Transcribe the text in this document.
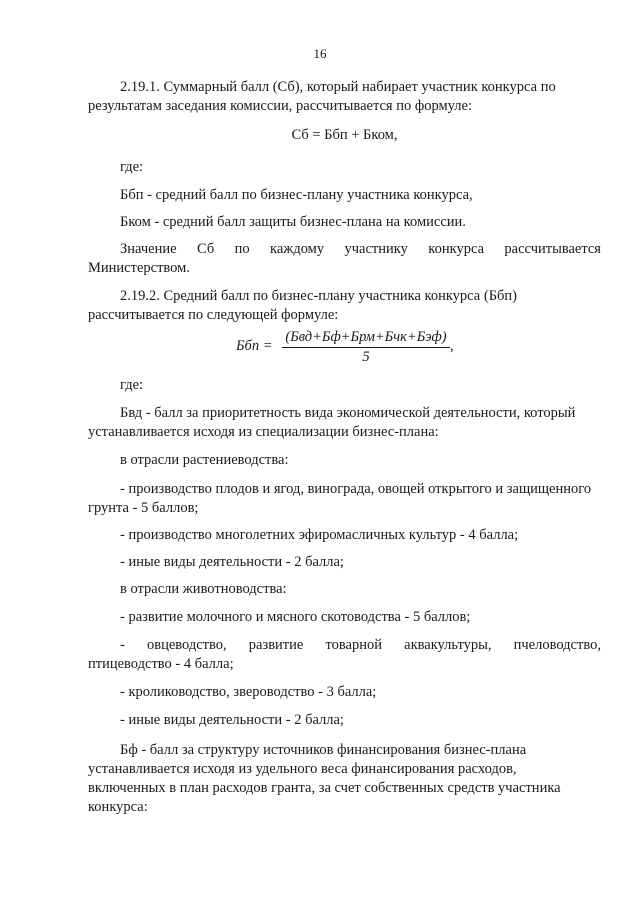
16

2.19.1. Суммарный балл (Сб), который набирает участник конкурса по
результатам заседания комиссии, рассчитывается по формуле:

Сб = Ббп + Бком,

где:

Ббп - средний балл по бизнес-плану участника конкурса,

Бком - средний балл защиты бизнес-плана на комиссии.

Значение Сб по каждому участнику конкурса рассчитывается

Министерством.

2.19.2. Средний балл по бизнес-плану участника конкурса (Ббп)

рассчитывается по следующей формуле:

Ббп =
(Бвд+Бф+Брм+Бчк+Бэф)
5
,

где:

Бвд - балл за приоритетность вида экономической деятельности, который

устанавливается исходя из специализации бизнес-плана:

в отрасли растениеводства:

- производство плодов и ягод, винограда, овощей открытого и защищенного

грунта - 5 баллов;

- производство многолетних эфиромасличных культур - 4 балла;

- иные виды деятельности - 2 балла;

в отрасли животноводства:

- развитие молочного и мясного скотоводства - 5 баллов;

- овцеводство, развитие товарной аквакультуры, пчеловодство,

птицеводство - 4 балла;

- кролиководство, звероводство - 3 балла;

- иные виды деятельности - 2 балла;

Бф - балл за структуру источников финансирования бизнес-плана

устанавливается исходя из удельного веса финансирования расходов,

включенных в план расходов гранта, за счет собственных средств участника

конкурса:
